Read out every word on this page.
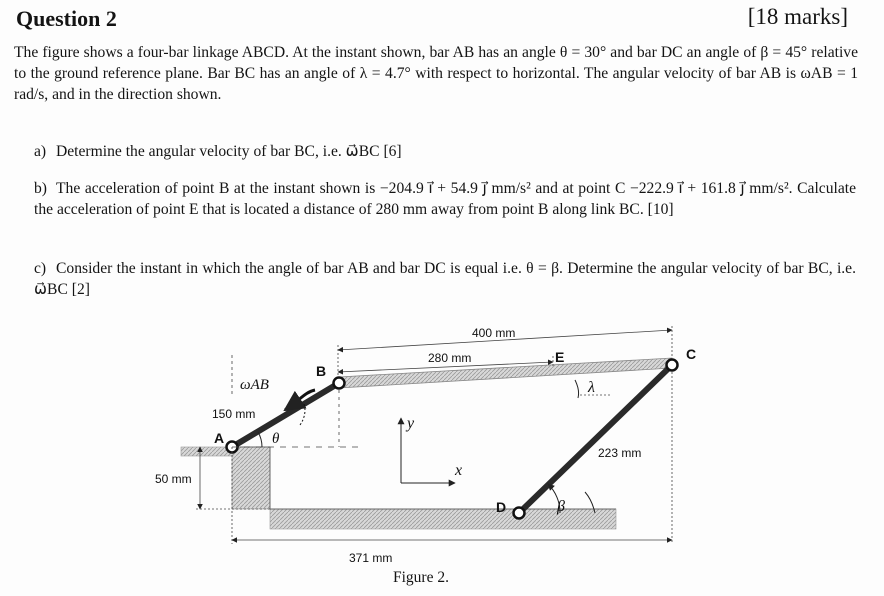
Question 2	[18 marks]
The figure shows a four-bar linkage ABCD. At the instant shown, bar AB has an angle θ = 30° and bar DC an angle of β = 45° relative to the ground reference plane. Bar BC has an angle of λ = 4.7° with respect to horizontal. The angular velocity of bar AB is ωAB = 1 rad/s, and in the direction shown.
a) Determine the angular velocity of bar BC, i.e. ω⃗BC [6]
b) The acceleration of point B at the instant shown is −204.9 i⃗ + 54.9 j⃗ mm/s² and at point C −222.9 i⃗ + 161.8 j⃗ mm/s². Calculate the acceleration of point E that is located a distance of 280 mm away from point B along link BC. [10]
c) Consider the instant in which the angle of bar AB and bar DC is equal i.e. θ = β. Determine the angular velocity of bar BC, i.e. ω⃗BC [2]
B
A
C
D
E
400 mm
280 mm
150 mm
50 mm
223 mm
371 mm
ωAB
θ
β
λ
y
x
Figure 2.
